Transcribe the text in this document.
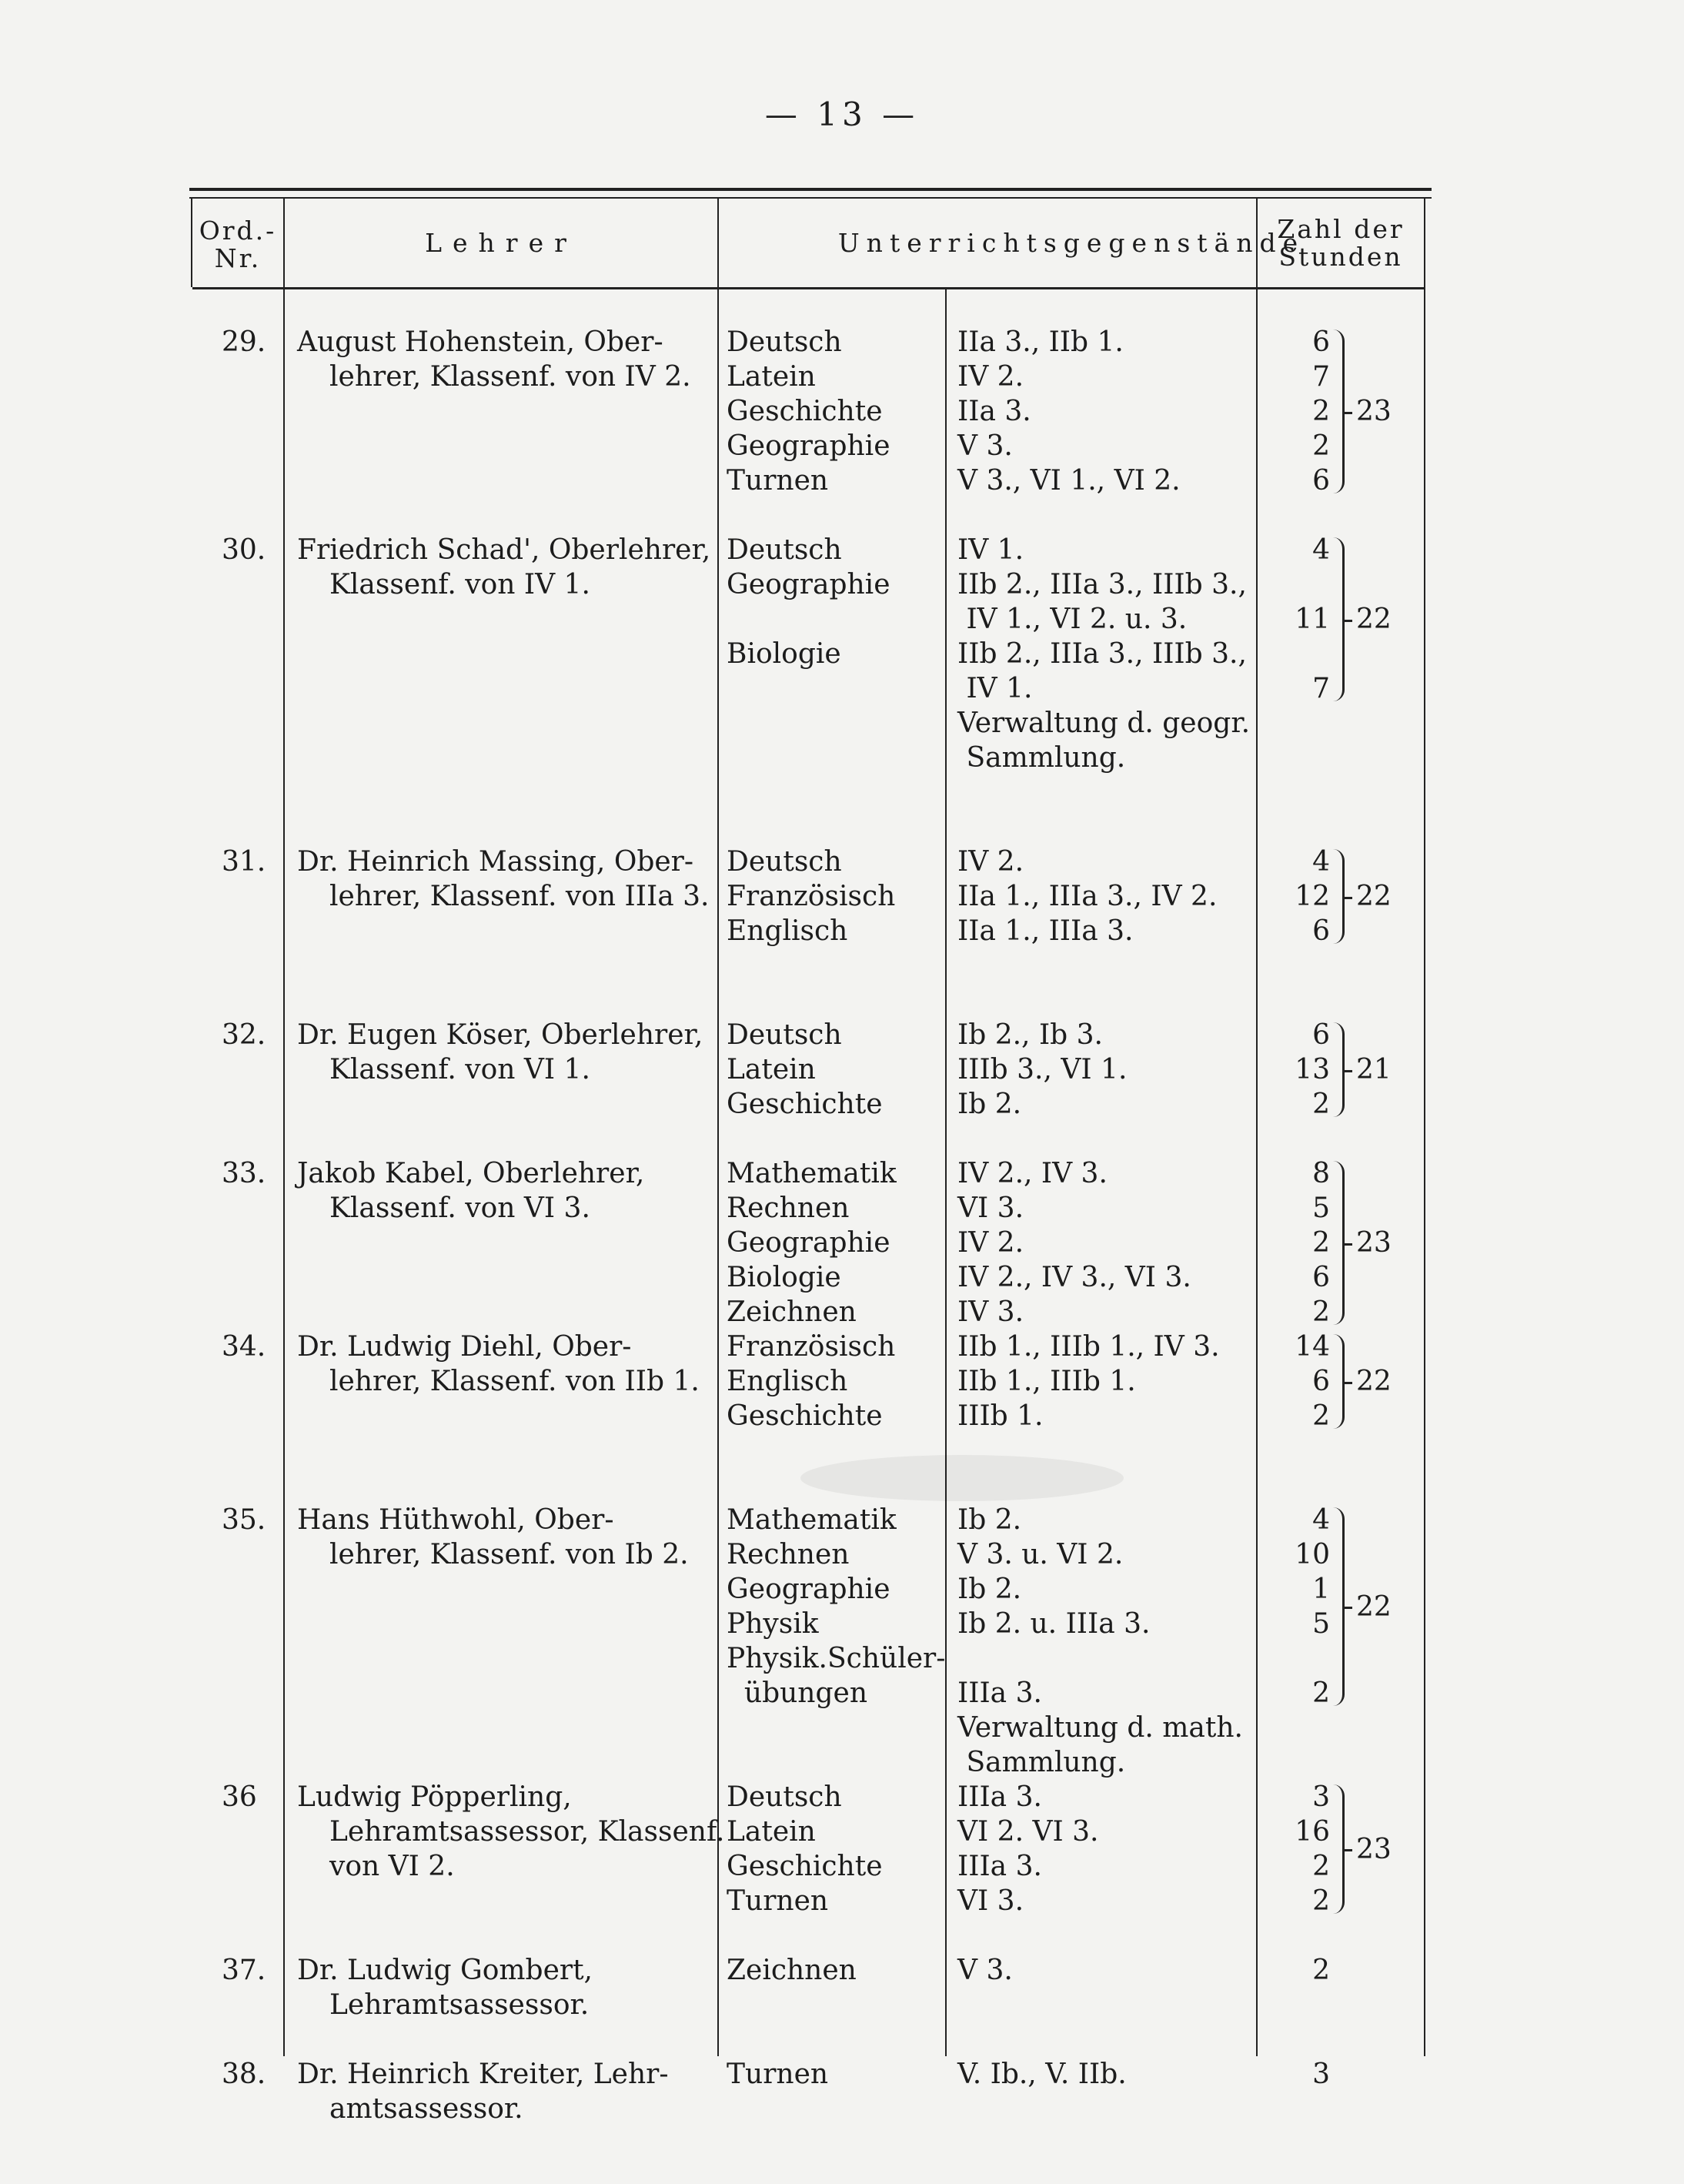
— 13 —
Ord.-
Nr.
Lehrer	Unterrichtsgegenstände
Zahl der
Stunden
29. August Hohenstein, Ober-
lehrer, Klassenf. von IV 2.
Deutsch	IIa 3., IIb 1.	6
Latein	IV 2.	7
Geschichte	IIa 3.	2
Geographie V 3.	2
Turnen	V 3., VI 1., VI 2.	6
23
30. Friedrich Schad', Oberlehrer,
Klassenf. von IV 1.
Deutsch	IV 1.	4
Geographie IIb 2., IIIa 3., IIIb 3.,
IV 1., VI 2. u. 3.	11
Biologie	IIb 2., IIIa 3., IIIb 3.,
IV 1.	7
Verwaltung d. geogr.
Sammlung.
22
31. Dr. Heinrich Massing, Ober-
lehrer, Klassenf. von IIIa 3.
Deutsch	IV 2.	4
Französisch IIa 1., IIIa 3., IV 2.	12
Englisch	IIa 1., IIIa 3.	6
22
32. Dr. Eugen Köser, Oberlehrer,
Klassenf. von VI 1.
Deutsch	Ib 2., Ib 3.	6
Latein	IIIb 3., VI 1.	13
Geschichte	Ib 2.	2
21
33. Jakob Kabel, Oberlehrer,
Klassenf. von VI 3.
Mathematik IV 2., IV 3.	8
Rechnen	VI 3.	5
Geographie IV 2.	2
Biologie	IV 2., IV 3., VI 3.	6
Zeichnen	IV 3.	2
23
34. Dr. Ludwig Diehl, Ober-
lehrer, Klassenf. von IIb 1.
Französisch IIb 1., IIIb 1., IV 3.	14
Englisch	IIb 1., IIIb 1.	6
Geschichte	IIIb 1.	2
22
35. Hans Hüthwohl, Ober-
lehrer, Klassenf. von Ib 2.
Mathematik Ib 2.	4
Rechnen	V 3. u. VI 2.	10
Geographie Ib 2.	1
Physik	Ib 2. u. IIIa 3.	5
Physik.Schüler-
übungen	IIIa 3.	2
Verwaltung d. math.
Sammlung.
22
36 Ludwig Pöpperling,
Lehramtsassessor, Klassenf.
von VI 2.
Deutsch	IIIa 3.	3
Latein	VI 2. VI 3.	16
Geschichte	IIIa 3.	2
Turnen	VI 3.	2
23
37. Dr. Ludwig Gombert,
Lehramtsassessor.
Zeichnen	V 3.	2
38. Dr. Heinrich Kreiter, Lehr-
amtsassessor.
Turnen	V. Ib., V. IIb.	3
